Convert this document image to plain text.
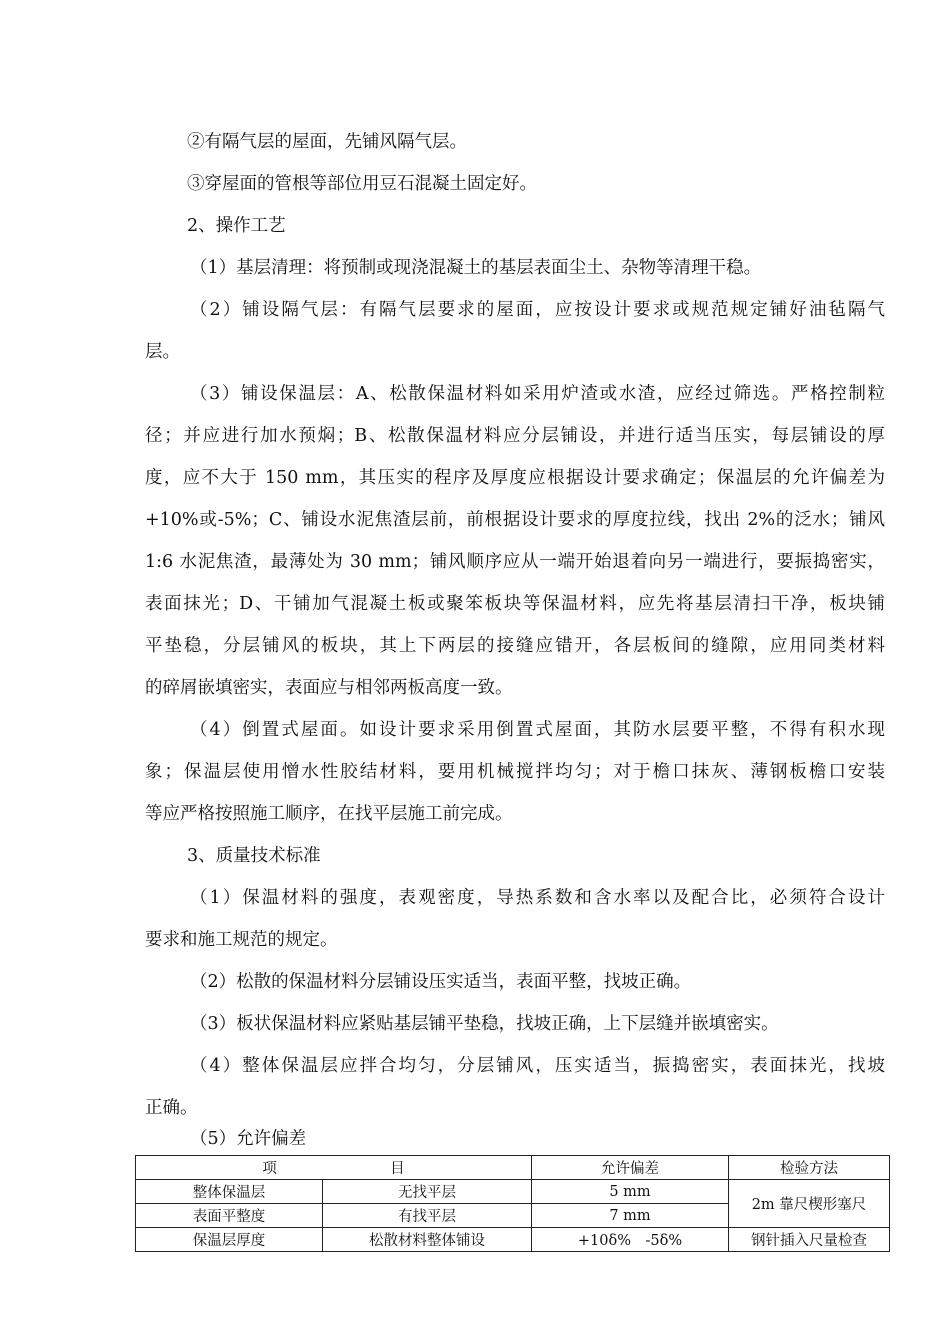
②有隔气层的屋面，先铺风隔气层。
③穿屋面的管根等部位用豆石混凝土固定好。
2、操作工艺
（1）基层清理：将预制或现浇混凝土的基层表面尘土、杂物等清理干稳。
（2）铺设隔气层：有隔气层要求的屋面，应按设计要求或规范规定铺好油毡隔气
层。
（3）铺设保温层：A、松散保温材料如采用炉渣或水渣，应经过筛选。严格控制粒
径；并应进行加水预焖；B、松散保温材料应分层铺设，并进行适当压实，每层铺设的厚
度，应不大于 150 mm，其压实的程序及厚度应根据设计要求确定；保温层的允许偏差为
+10%或-5%；C、铺设水泥焦渣层前，前根据设计要求的厚度拉线，找出 2%的泛水；铺风
1:6 水泥焦渣，最薄处为 30 mm；铺风顺序应从一端开始退着向另一端进行，要振捣密实，
表面抹光；D、干铺加气混凝土板或聚笨板块等保温材料，应先将基层清扫干净，板块铺
平垫稳，分层铺风的板块，其上下两层的接缝应错开，各层板间的缝隙，应用同类材料
的碎屑嵌填密实，表面应与相邻两板高度一致。
（4）倒置式屋面。如设计要求采用倒置式屋面，其防水层要平整，不得有积水现
象；保温层使用憎水性胶结材料，要用机械搅拌均匀；对于檐口抹灰、薄钢板檐口安装
等应严格按照施工顺序，在找平层施工前完成。
3、质量技术标准
（1）保温材料的强度，表观密度，导热系数和含水率以及配合比，必须符合设计
要求和施工规范的规定。
（2）松散的保温材料分层铺设压实适当，表面平整，找坡正确。
（3）板状保温材料应紧贴基层铺平垫稳，找坡正确，上下层缝并嵌填密实。
（4）整体保温层应拌合均匀，分层铺风，压实适当，振捣密实，表面抹光，找坡
正确。
（5）允许偏差
项 目		允许偏差	检验方法
整体保温层	无找平层	5 mm	2m 靠尺楔形塞尺
表面平整度	有找平层	7 mm	
保温层厚度	松散材料整体铺设	+10δ%　-5δ%	钢针插入尺量检查
